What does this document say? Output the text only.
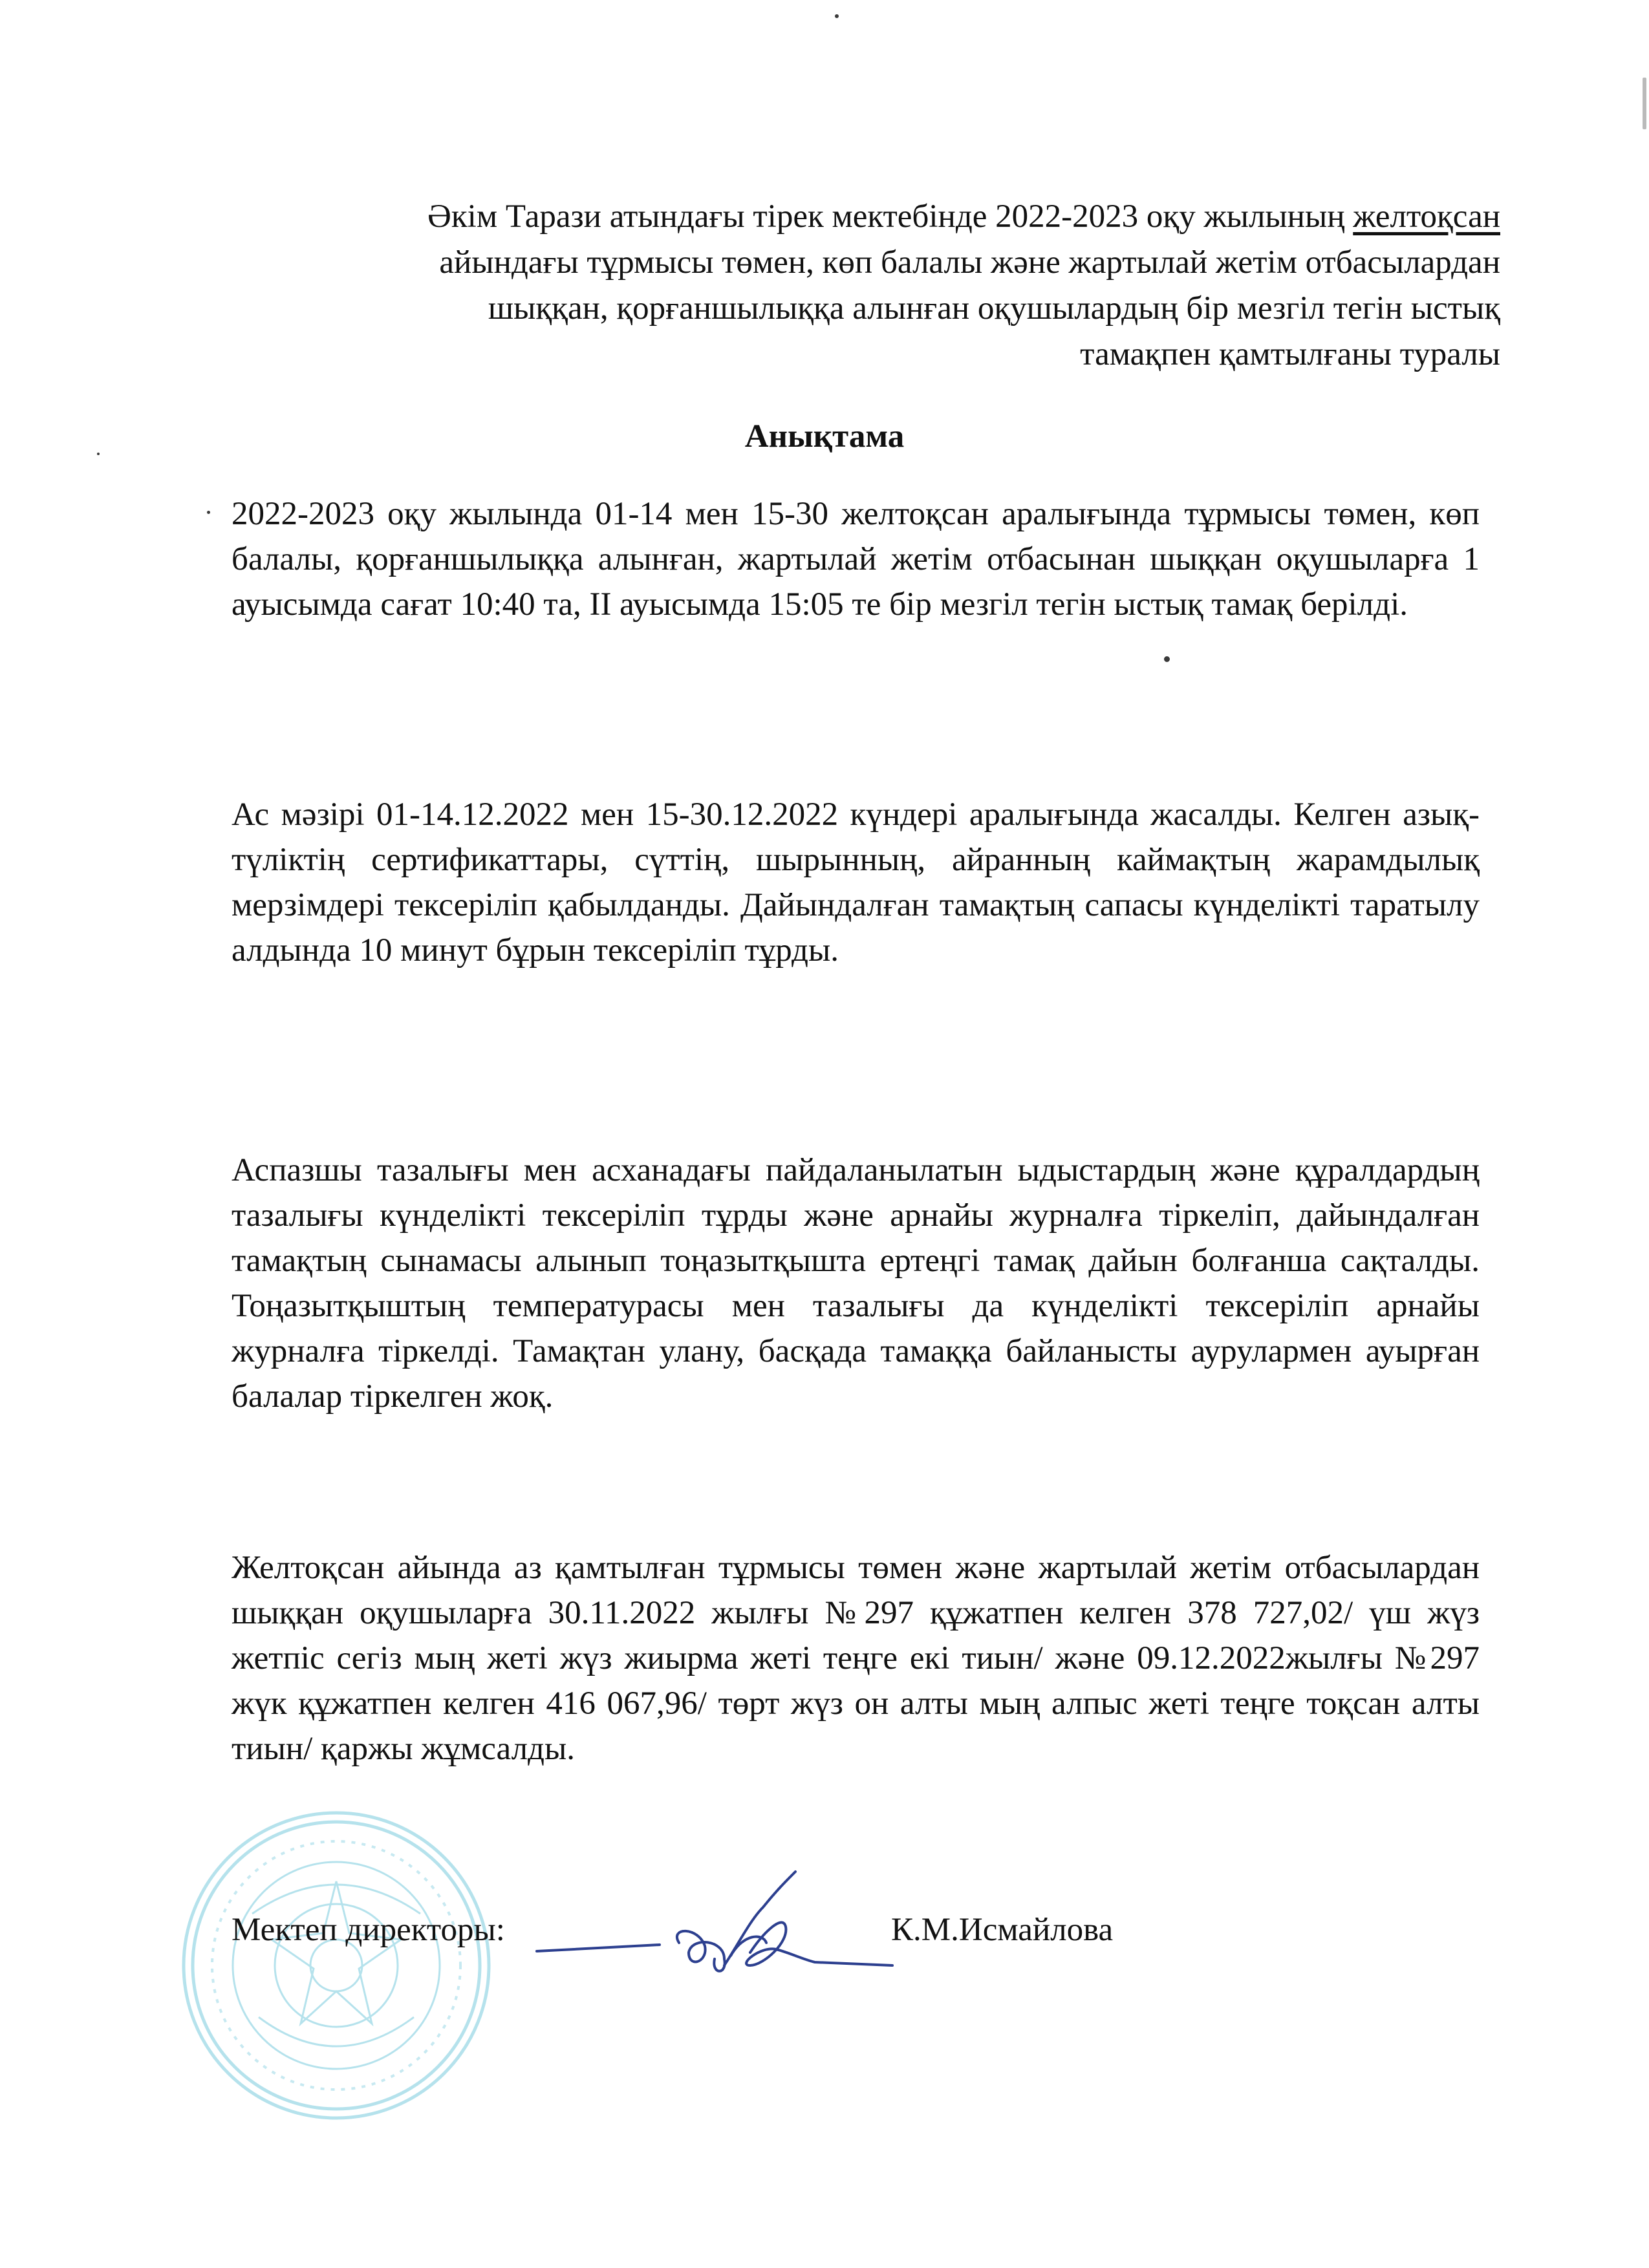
Әкім Тарази атындағы тірек мектебінде 2022-2023 оқу жылының желтоқсан

айындағы тұрмысы төмен, көп балалы және жартылай жетім отбасылардан

шыққан, қорғаншылыққа алынған оқушылардың бір мезгіл тегін ыстық

тамақпен қамтылғаны туралы

Анықтама

2022-2023 оқу жылында 01-14 мен 15-30 желтоқсан аралығында тұрмысы төмен, көп балалы, қорғаншылыққа алынған, жартылай жетім отбасынан шыққан оқушыларға 1 ауысымда сағат 10:40 та, ІІ ауысымда 15:05 те бір мезгіл тегін ыстық тамақ берілді.

Ас мәзірі 01-14.12.2022 мен 15-30.12.2022 күндері аралығында жасалды. Келген азық-түліктің сертификаттары, сүттің, шырынның, айранның каймақтың жарамдылық мерзімдері тексеріліп қабылданды. Дайындалған тамақтың сапасы күнделікті таратылу алдында 10 минут бұрын тексеріліп тұрды.

Аспазшы тазалығы мен асханадағы пайдаланылатын ыдыстардың және құралдардың тазалығы күнделікті тексеріліп тұрды және арнайы журналға тіркеліп, дайындалған тамақтың сынамасы алынып тоңазытқышта ертеңгі тамақ дайын болғанша сақталды. Тоңазытқыштың температурасы мен тазалығы да күнделікті тексеріліп арнайы журналға тіркелді. Тамақтан улану, басқада тамаққа байланысты аурулармен ауырған балалар тіркелген жоқ.

Желтоқсан айында аз қамтылған тұрмысы төмен және жартылай жетім отбасылардан шыққан оқушыларға 30.11.2022 жылғы №297 құжатпен келген 378 727,02/ үш жүз жетпіс сегіз мың жеті жүз жиырма жеті теңге екі тиын/ және 09.12.2022жылғы №297 жүк құжатпен келген 416 067,96/ төрт жүз он алты мың алпыс жеті теңге тоқсан алты тиын/ қаржы жұмсалды.

Мектеп директоры:	К.М.Исмайлова
